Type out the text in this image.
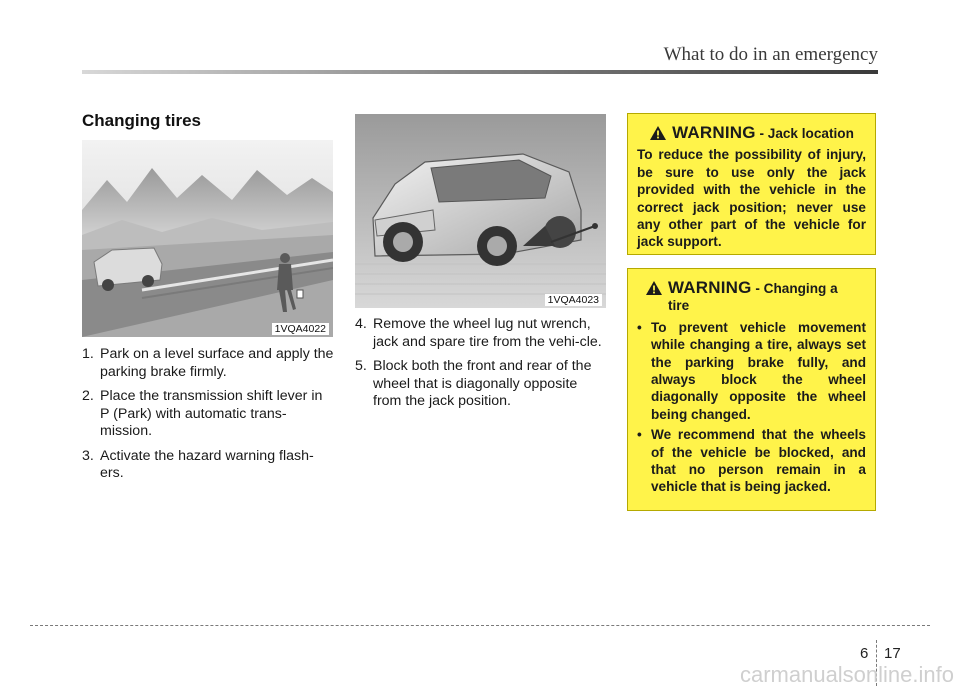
What to do in an emergency
Changing tires
1VQA4022
1VQA4023
1. Park on a level surface and apply the parking brake firmly.
2. Place the transmission shift lever in P (Park) with automatic trans-mission.
3. Activate the hazard warning flash-ers.
4. Remove the wheel lug nut wrench, jack and spare tire from the vehi-cle.
5. Block both the front and rear of the wheel that is diagonally opposite from the jack position.
WARNING - Jack location
To reduce the possibility of injury, be sure to use only the jack provided with the vehicle in the correct jack position; never use any other part of the vehicle for jack support.
WARNING - Changing a tire
• To prevent vehicle movement while changing a tire, always set the parking brake fully, and always block the wheel diagonally opposite the wheel being changed.
• We recommend that the wheels of the vehicle be blocked, and that no person remain in a vehicle that is being jacked.
6 17
carmanualsonline.info
